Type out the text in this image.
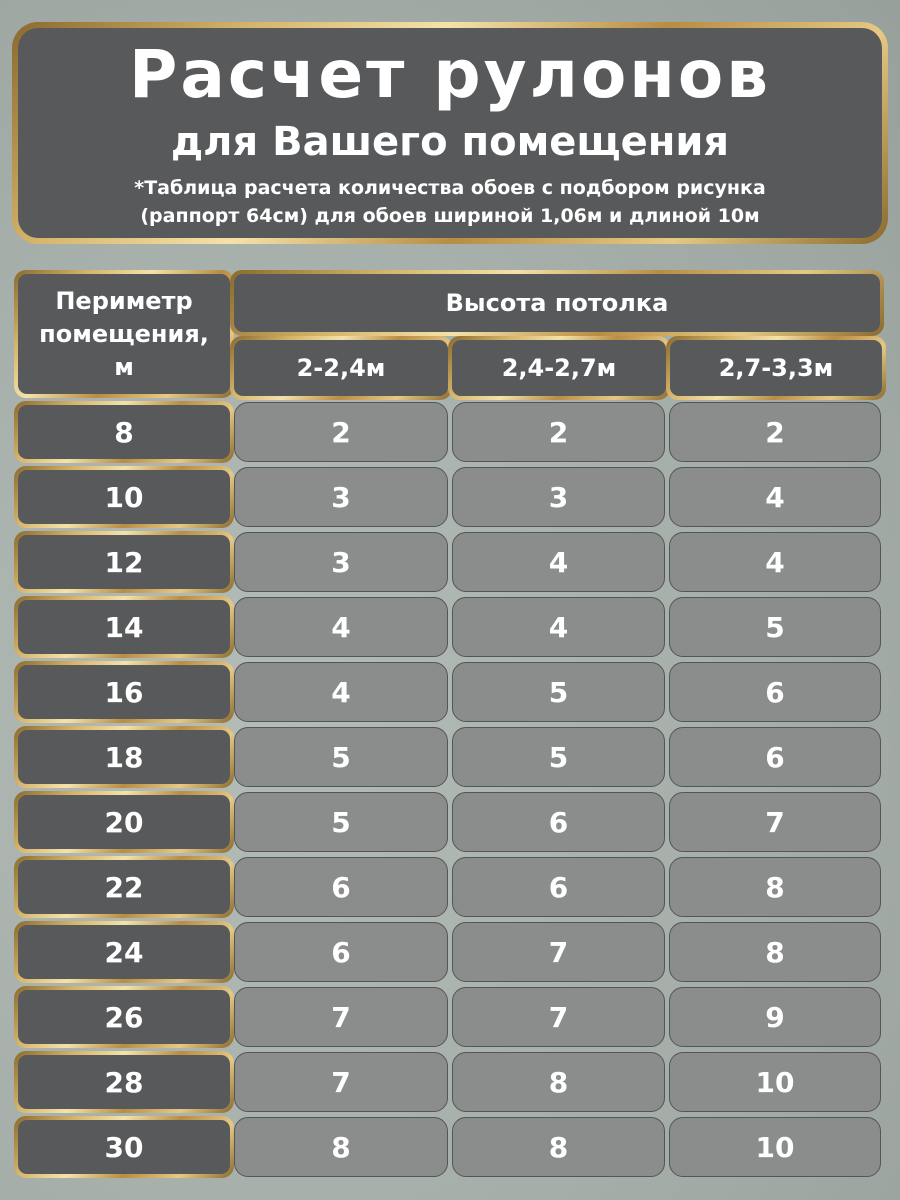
Расчет рулонов
для Вашего помещения
*Таблица расчета количества обоев с подбором рисунка
(раппорт 64см) для обоев шириной 1,06м и длиной 10м
Периметр
помещения,
м
Высота потолка
2-2,4м	2,4-2,7м	2,7-3,3м
8	2	2	2
10	3	3	4
12	3	4	4
14	4	4	5
16	4	5	6
18	5	5	6
20	5	6	7
22	6	6	8
24	6	7	8
26	7	7	9
28	7	8	10
30	8	8	10
